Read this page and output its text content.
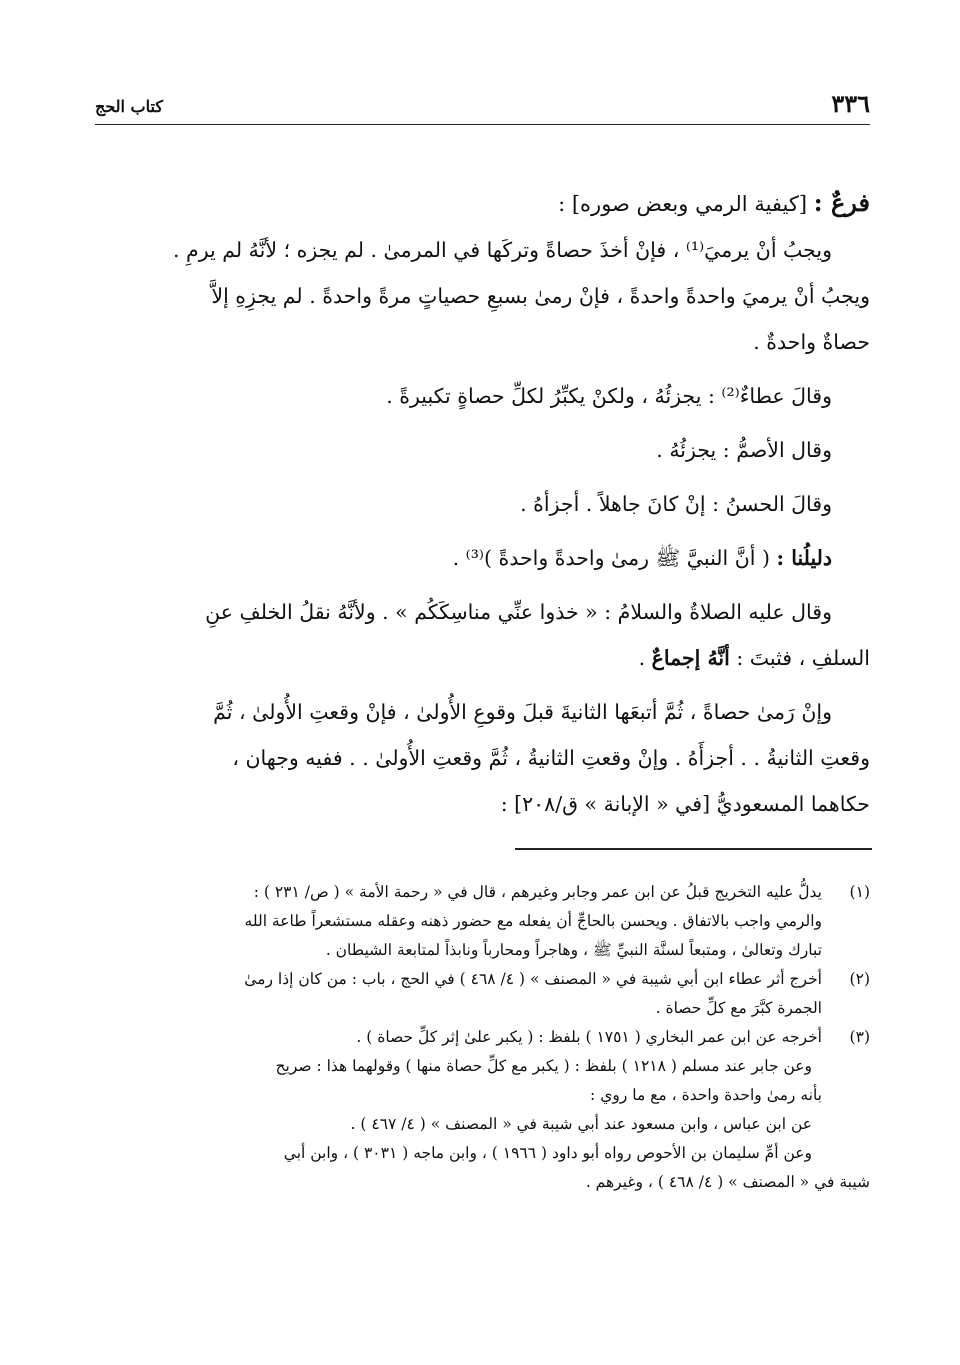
٣٣٦
كتاب الحج

فرعٌ : [كيفية الرمي وبعض صوره] :

ويجبُ أنْ يرميَ⁽¹⁾ ، فإنْ أخذَ حصاةً وتركَها في المرمىٰ . لم يجزه ؛ لأنَّهُ لم يرمِ .
ويجبُ أنْ يرميَ واحدةً واحدةً ، فإنْ رمىٰ بسبعِ حصياتٍ مرةً واحدةً . لم يجزِهِ إلاَّ
حصاةٌ واحدةٌ .

وقالَ عطاءٌ⁽²⁾ : يجزئُهُ ، ولكنْ يكبِّرُ لكلِّ حصاةٍ تكبيرةً .

وقال الأصمُّ : يجزئُهُ .

وقالَ الحسنُ : إنْ كانَ جاهلاً . أجزأهُ .

دليلُنا : ( أنَّ النبيَّ ﷺ رمىٰ واحدةً واحدةً )⁽³⁾ .

وقال عليه الصلاةُ والسلامُ : « خذوا عنِّي مناسِكَكُم » . ولأنَّهُ نقلُ الخلفِ عنِ
السلفِ ، فثبتَ : أنَّهُ إجماعٌ .

وإنْ رَمىٰ حصاةً ، ثُمَّ أتبعَها الثانيةَ قبلَ وقوعِ الأُولىٰ ، فإنْ وقعتِ الأُولىٰ ، ثُمَّ
وقعتِ الثانيةُ . . أجزأَهُ . وإنْ وقعتِ الثانيةُ ، ثُمَّ وقعتِ الأُولىٰ . . ففيه وجهان ،
حكاهما المسعوديُّ [في « الإبانة » ق/٢٠٨] :

(١)
يدلُّ عليه التخريج قبلُ عن ابن عمر وجابر وغيرهم ، قال في « رحمة الأمة » ( ص/ ٢٣١ ) :
والرمي واجب بالاتفاق . ويحسن بالحاجِّ أن يفعله مع حضور ذهنه وعقله مستشعراً طاعة الله
تبارك وتعالىٰ ، ومتبعاً لسنَّة النبيِّ ﷺ ، وهاجراً ومحارباً ونابذاً لمتابعة الشيطان .
(٢)
أخرج أثر عطاء ابن أبي شيبة في « المصنف » ( ٤/ ٤٦٨ ) في الحج ، باب : من كان إذا رمىٰ
الجمرة كبَّرَ مع كلِّ حصاة .
(٣)
أخرجه عن ابن عمر البخاري ( ١٧٥١ ) بلفظ : ( يكبر علىٰ إثر كلِّ حصاة ) .
وعن جابر عند مسلم ( ١٢١٨ ) بلفظ : ( يكبر مع كلِّ حصاة منها ) وقولهما هذا : صريح
بأنه رمىٰ واحدة واحدة ، مع ما روي :
عن ابن عباس ، وابن مسعود عند أبي شيبة في « المصنف » ( ٤/ ٤٦٧ ) .
وعن أمِّ سليمان بن الأحوص رواه أبو داود ( ١٩٦٦ ) ، وابن ماجه ( ٣٠٣١ ) ، وابن أبي
شيبة في « المصنف » ( ٤/ ٤٦٨ ) ، وغيرهم .
